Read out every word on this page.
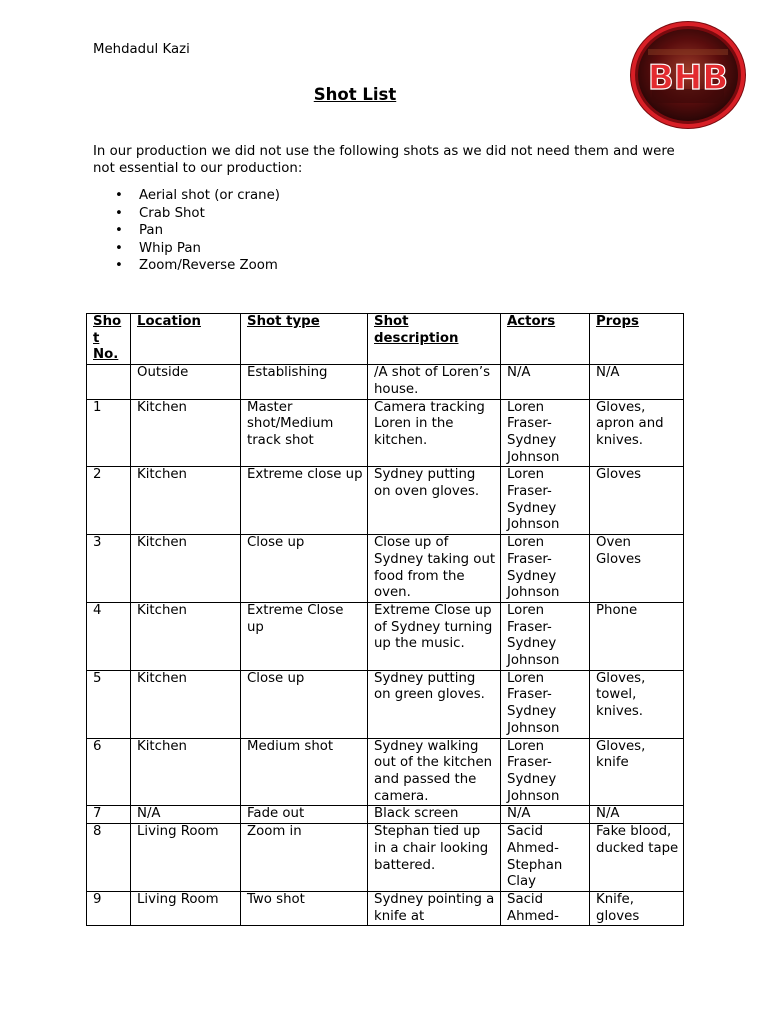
Mehdadul Kazi
BHB
Shot List
In our production we did not use the following shots as we did not need them and were not essential to our production:
• Aerial shot (or crane)
• Crab Shot
• Pan
• Whip Pan
• Zoom/Reverse Zoom
Shot No.	Location	Shot type	Shot description	Actors	Props
	Outside	Establishing	/A shot of Loren’s house.	N/A	N/A
1	Kitchen	Master shot/Medium track shot	Camera tracking Loren in the kitchen.	Loren Fraser-Sydney Johnson	Gloves, apron and knives.
2	Kitchen	Extreme close up	Sydney putting on oven gloves.	Loren Fraser-Sydney Johnson	Gloves
3	Kitchen	Close up	Close up of Sydney taking out food from the oven.	Loren Fraser-Sydney Johnson	Oven Gloves
4	Kitchen	Extreme Close up	Extreme Close up of Sydney turning up the music.	Loren Fraser-Sydney Johnson	Phone
5	Kitchen	Close up	Sydney putting on green gloves.	Loren Fraser-Sydney Johnson	Gloves, towel, knives.
6	Kitchen	Medium shot	Sydney walking out of the kitchen and passed the camera.	Loren Fraser-Sydney Johnson	Gloves, knife
7	N/A	Fade out	Black screen	N/A	N/A
8	Living Room	Zoom in	Stephan tied up in a chair looking battered.	Sacid Ahmed-Stephan Clay	Fake blood, ducked tape
9	Living Room	Two shot	Sydney pointing a knife at	Sacid Ahmed-	Knife, gloves
